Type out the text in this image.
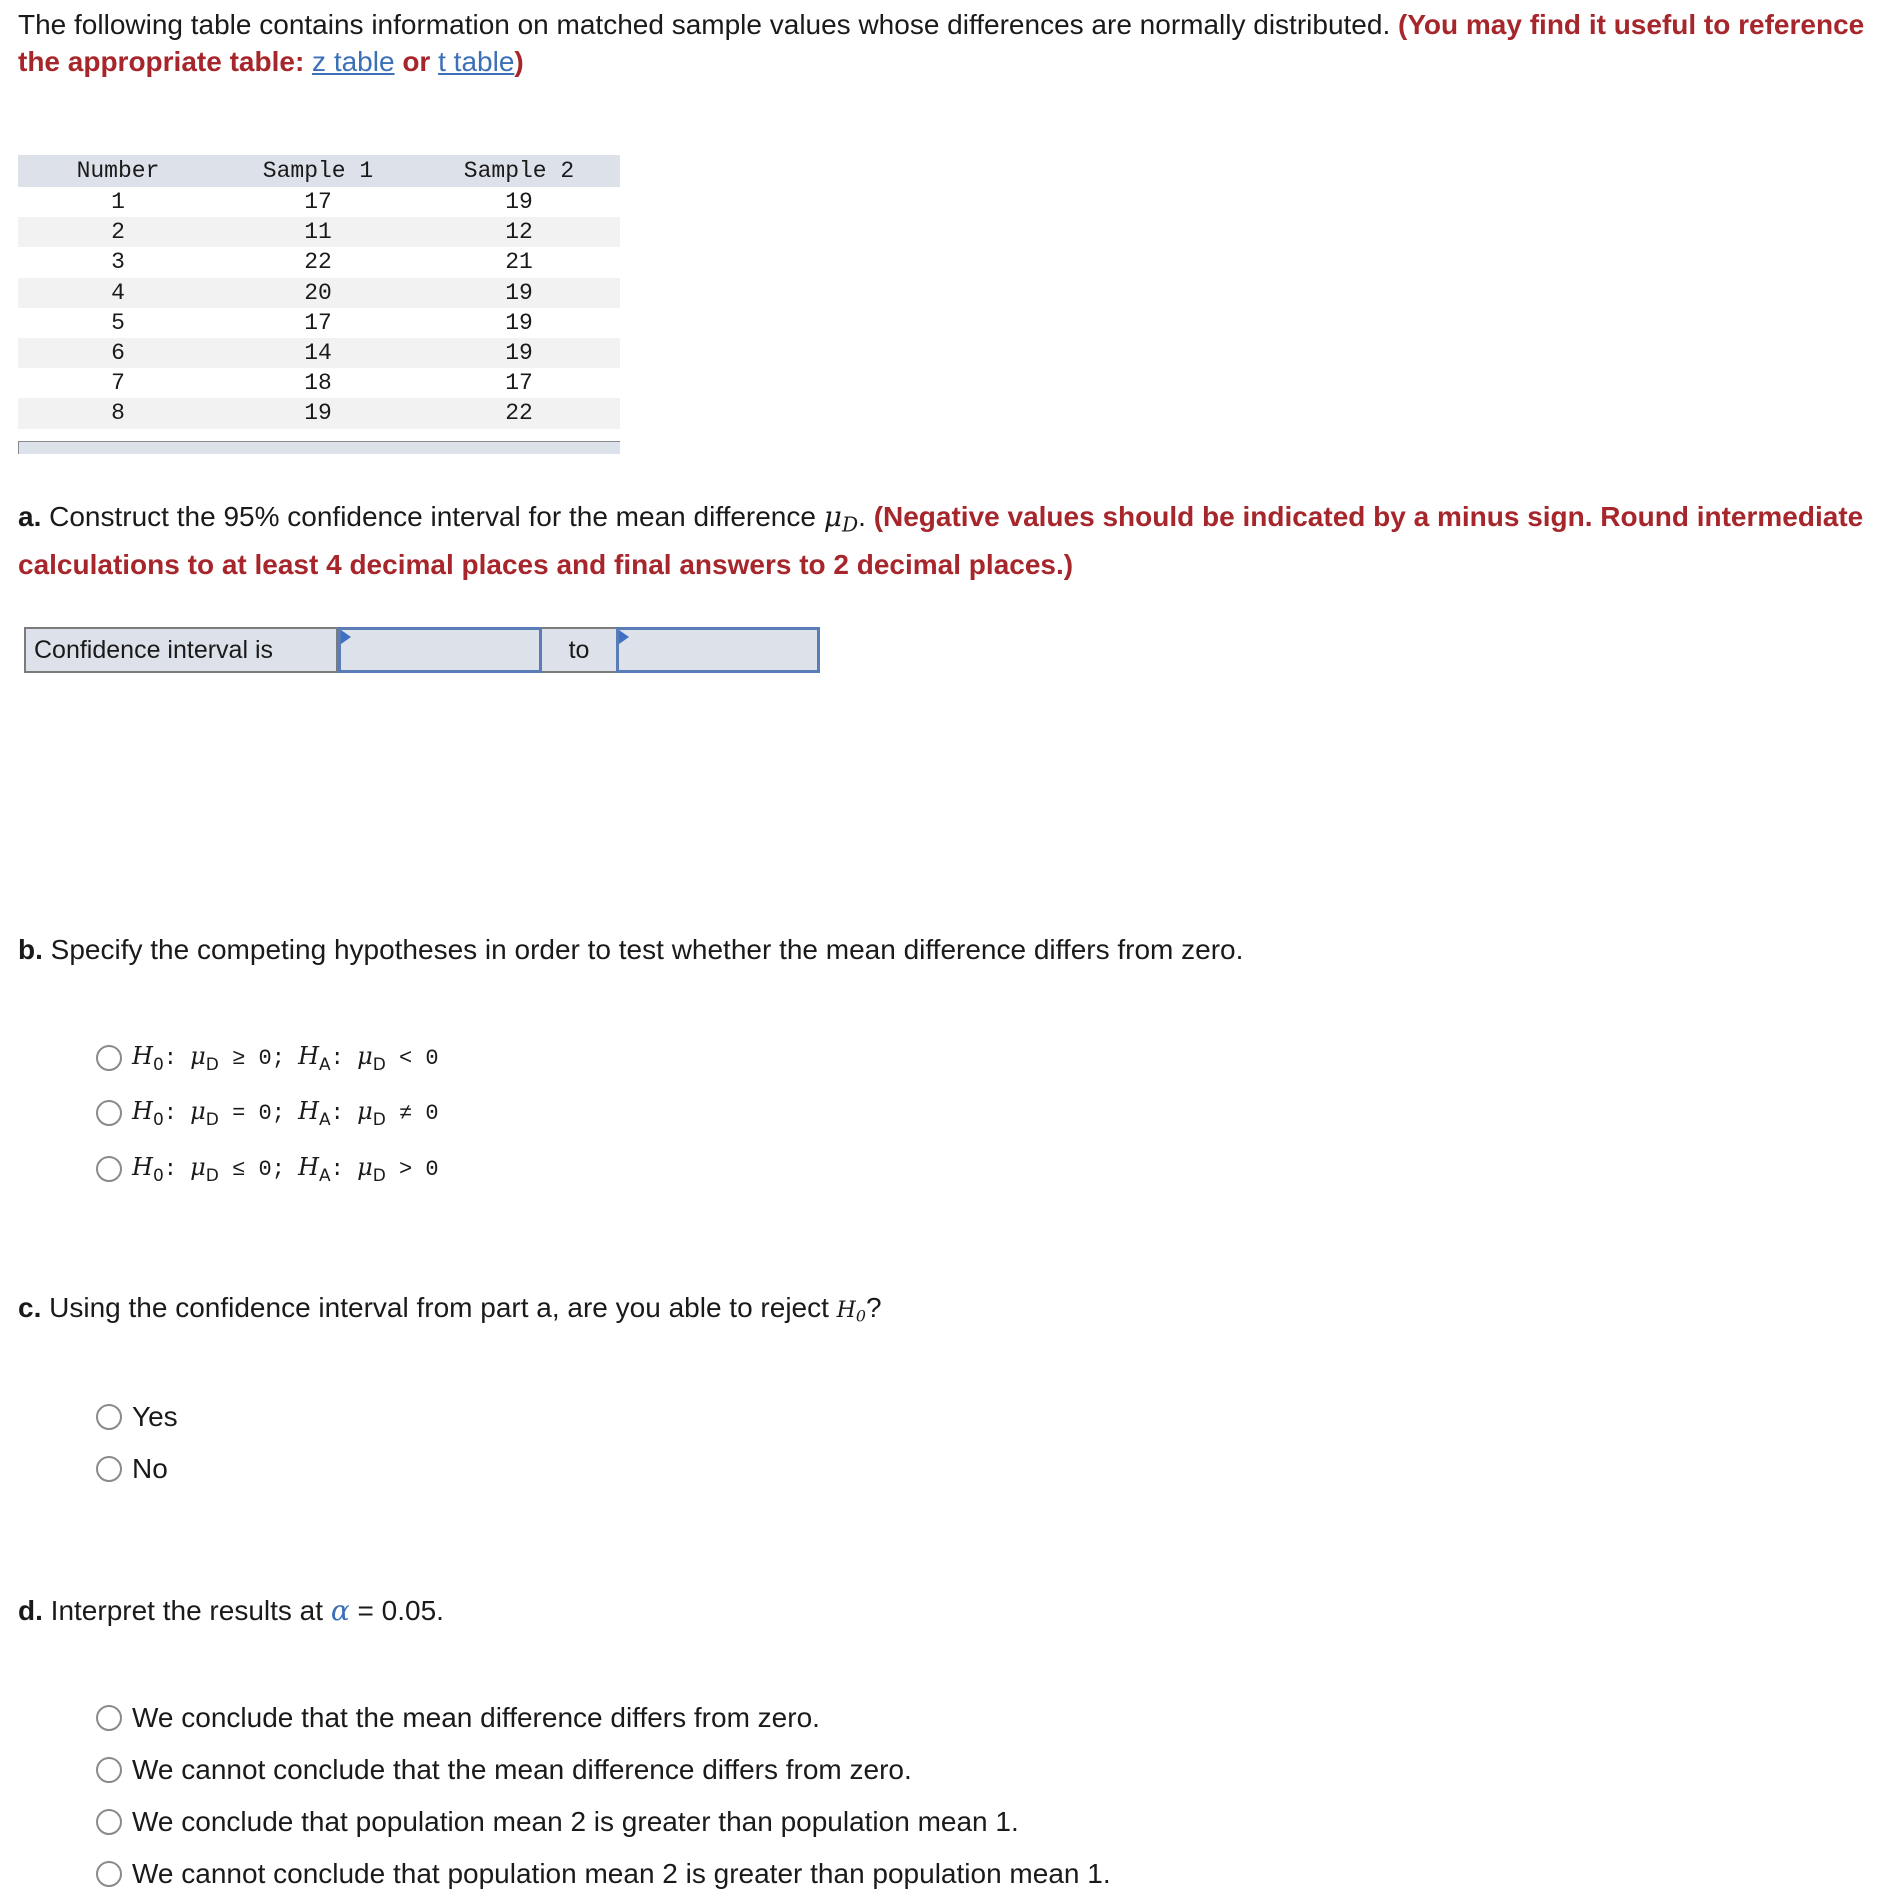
The following table contains information on matched sample values whose differences are normally distributed. (You may find it useful to reference the appropriate table: z table or t table)

Number	Sample 1	Sample 2
1	17	19
2	11	12
3	22	21
4	20	19
5	17	19
6	14	19
7	18	17
8	19	22

a. Construct the 95% confidence interval for the mean difference $\mu_D$. (Negative values should be indicated by a minus sign. Round intermediate calculations to at least 4 decimal places and final answers to 2 decimal places.)

Confidence interval is	to

b. Specify the competing hypotheses in order to test whether the mean difference differs from zero.

$H_0$: $\mu_D \ge 0$; $H_A$: $\mu_D < 0$
$H_0$: $\mu_D = 0$; $H_A$: $\mu_D \ne 0$
$H_0$: $\mu_D \le 0$; $H_A$: $\mu_D > 0$

c. Using the confidence interval from part a, are you able to reject $H_0$?

Yes
No

d. Interpret the results at α = 0.05.

We conclude that the mean difference differs from zero.
We cannot conclude that the mean difference differs from zero.
We conclude that population mean 2 is greater than population mean 1.
We cannot conclude that population mean 2 is greater than population mean 1.
